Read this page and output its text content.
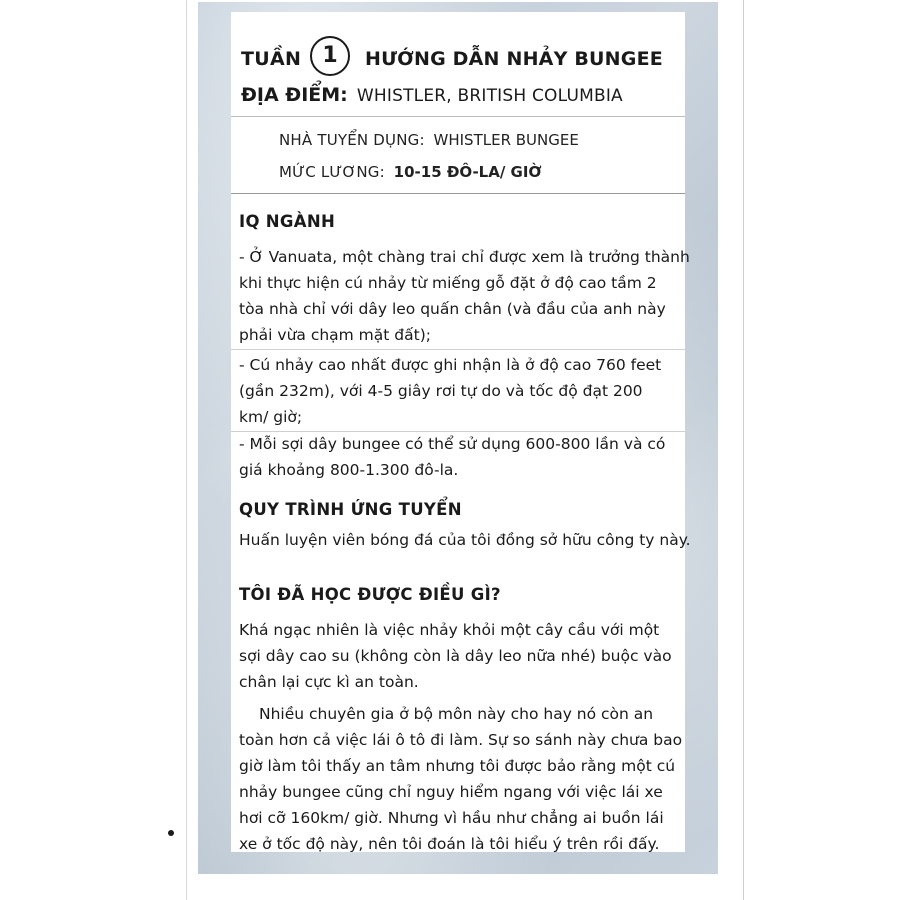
TUẦN 1	HƯỚNG DẪN NHẢY BUNGEE
ĐỊA ĐIỂM: WHISTLER, BRITISH COLUMBIA
NHÀ TUYỂN DỤNG: WHISTLER BUNGEE
MỨC LƯƠNG: 10-15 ĐÔ-LA/ GIỜ
IQ NGÀNH
- Ở Vanuata, một chàng trai chỉ được xem là trưởng thành
khi thực hiện cú nhảy từ miếng gỗ đặt ở độ cao tầm 2
tòa nhà chỉ với dây leo quấn chân (và đầu của anh này
phải vừa chạm mặt đất);
- Cú nhảy cao nhất được ghi nhận là ở độ cao 760 feet
(gần 232m), với 4-5 giây rơi tự do và tốc độ đạt 200
km/ giờ;
- Mỗi sợi dây bungee có thể sử dụng 600-800 lần và có
giá khoảng 800-1.300 đô-la.
QUY TRÌNH ỨNG TUYỂN
Huấn luyện viên bóng đá của tôi đồng sở hữu công ty này.
TÔI ĐÃ HỌC ĐƯỢC ĐIỀU GÌ?
Khá ngạc nhiên là việc nhảy khỏi một cây cầu với một
sợi dây cao su (không còn là dây leo nữa nhé) buộc vào
chân lại cực kì an toàn.
Nhiều chuyên gia ở bộ môn này cho hay nó còn an
toàn hơn cả việc lái ô tô đi làm. Sự so sánh này chưa bao
giờ làm tôi thấy an tâm nhưng tôi được bảo rằng một cú
nhảy bungee cũng chỉ nguy hiểm ngang với việc lái xe
hơi cỡ 160km/ giờ. Nhưng vì hầu như chẳng ai buồn lái
xe ở tốc độ này, nên tôi đoán là tôi hiểu ý trên rồi đấy.
